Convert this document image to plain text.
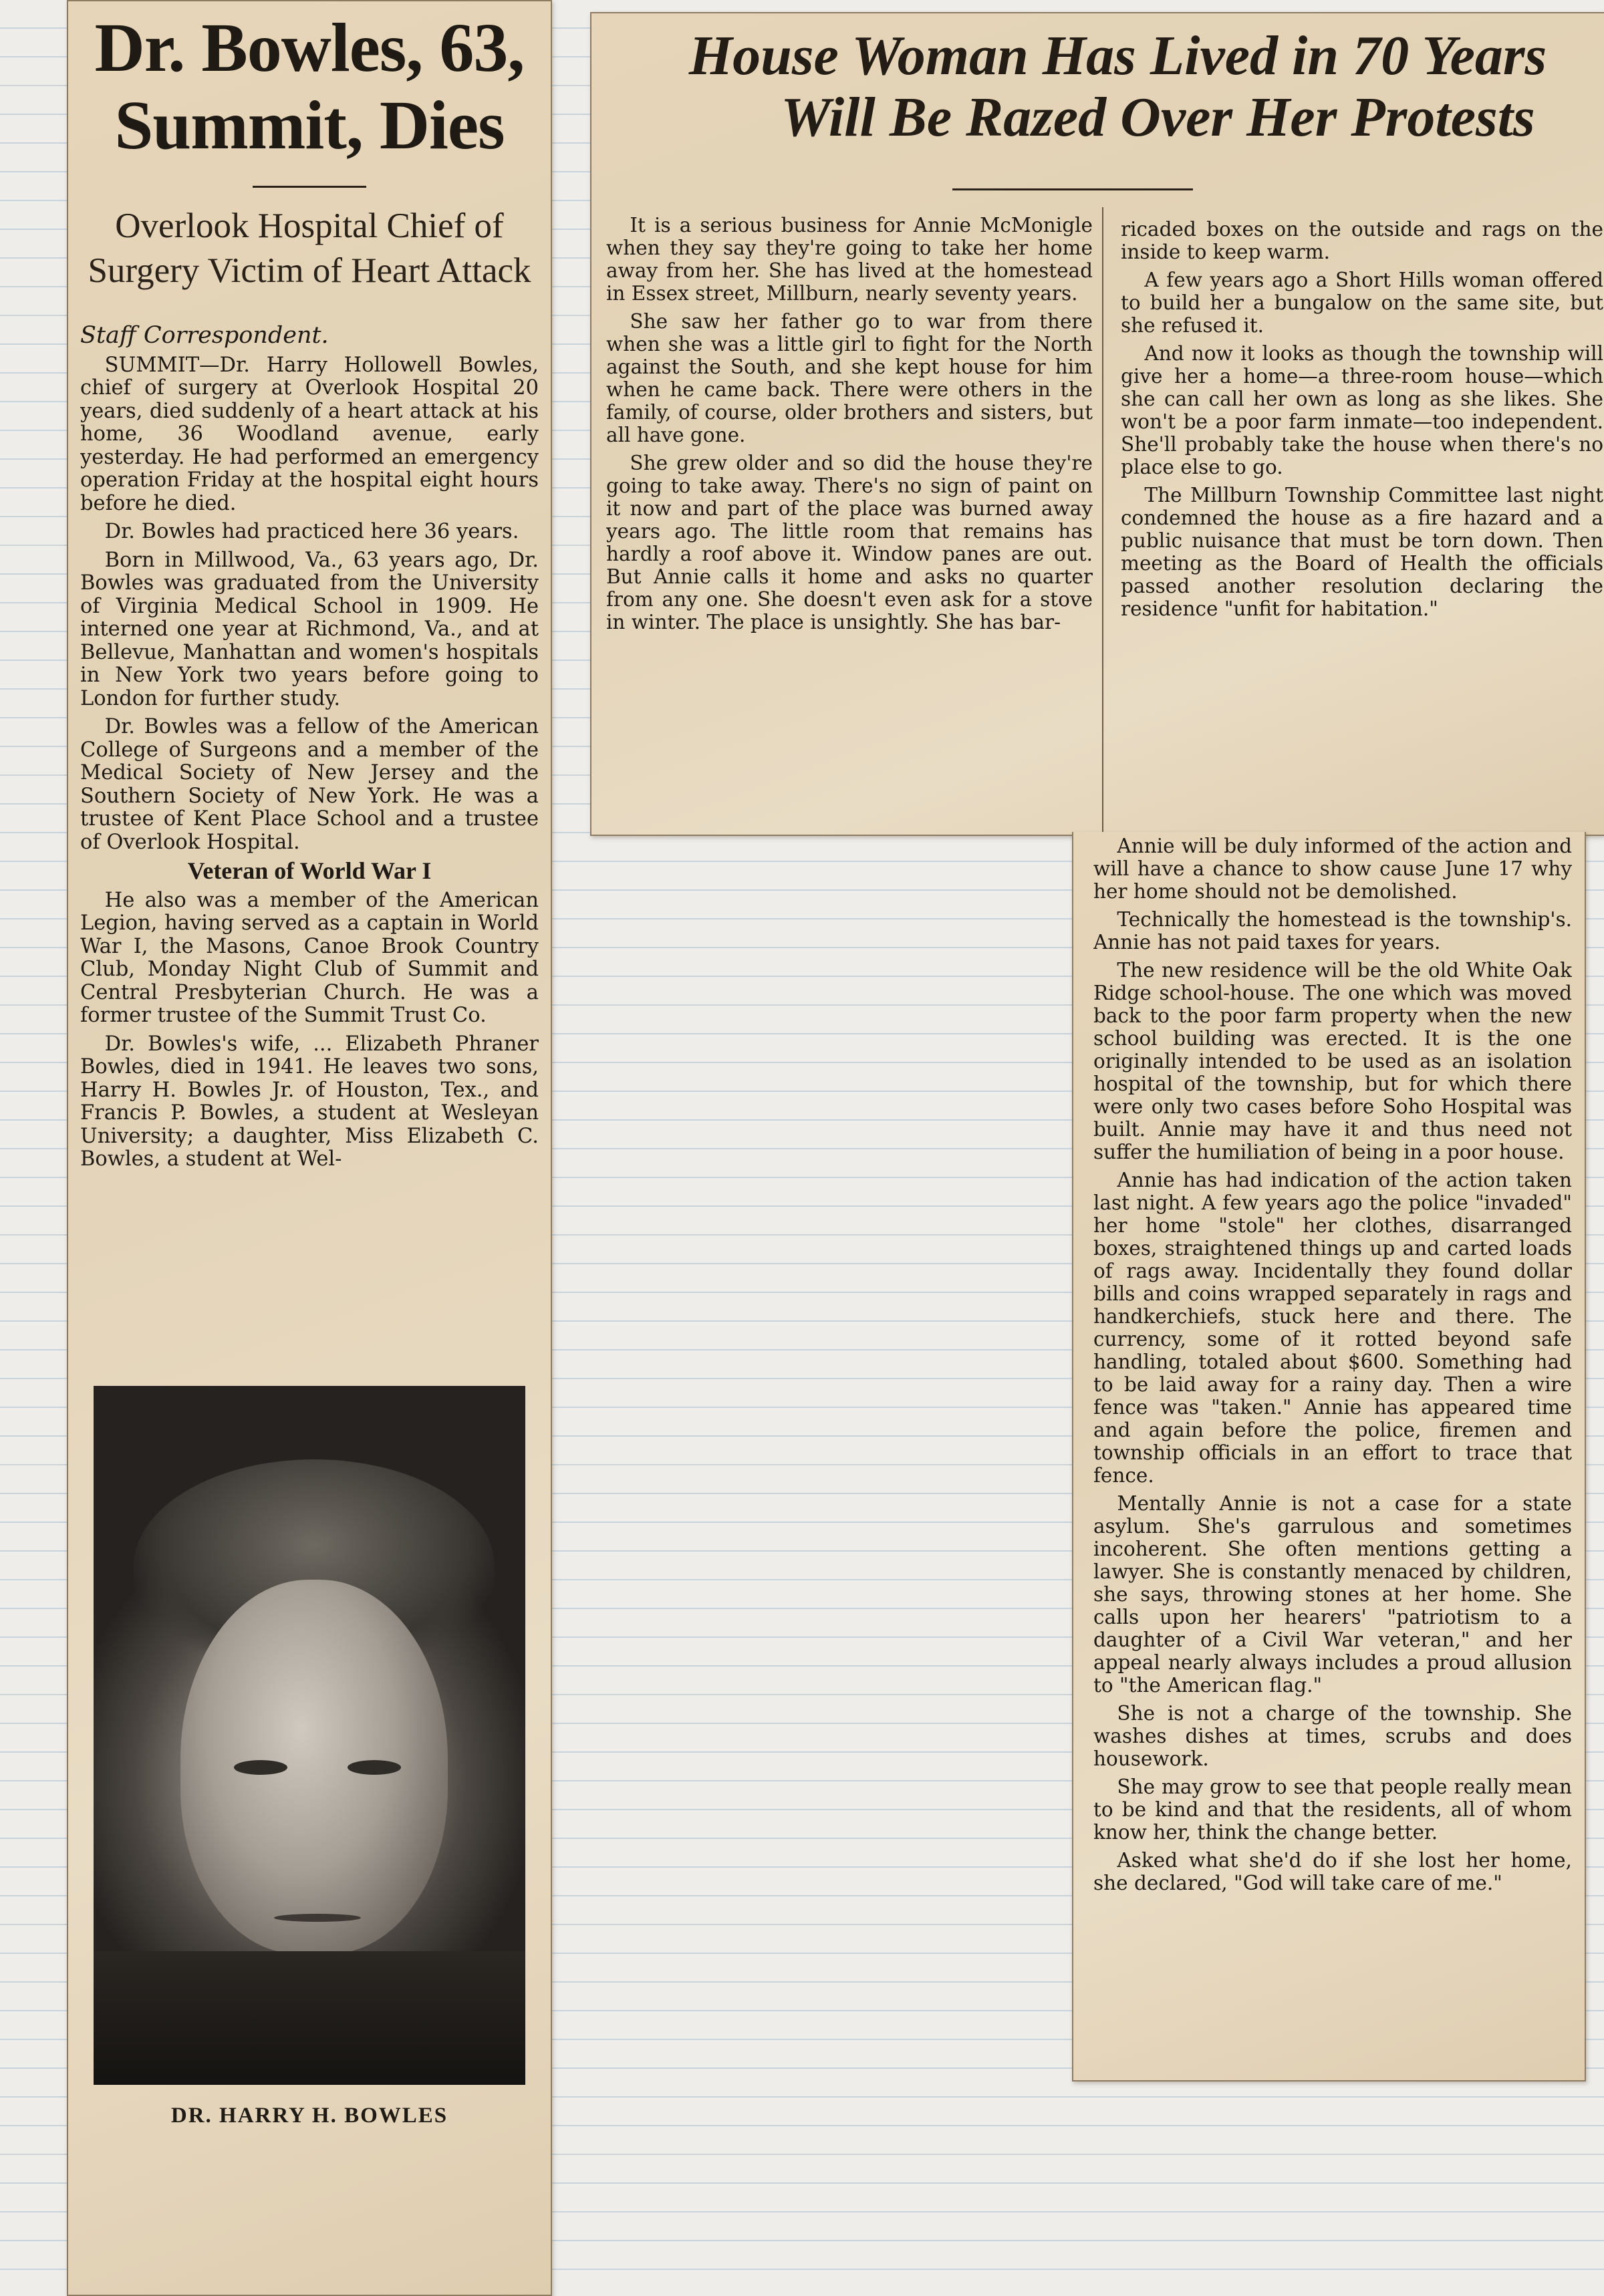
Dr. Bowles, 63,
Summit, Dies
Overlook Hospital Chief of Surgery Victim of Heart Attack
Staff Correspondent.

SUMMIT—Dr. Harry Hollowell Bowles, chief of surgery at Overlook Hospital 20 years, died suddenly of a heart attack at his home, 36 Woodland avenue, early yesterday. He had performed an emergency operation Friday at the hospital eight hours before he died.

Dr. Bowles had practiced here 36 years.

Born in Millwood, Va., 63 years ago, Dr. Bowles was graduated from the University of Virginia Medical School in 1909. He interned one year at Richmond, Va., and at Bellevue, Manhattan and women's hospitals in New York two years before going to London for further study.

Dr. Bowles was a fellow of the American College of Surgeons and a member of the Medical Society of New Jersey and the Southern Society of New York. He was a trustee of Kent Place School and a trustee of Overlook Hospital.

Veteran of World War I

He also was a member of the American Legion, having served as a captain in World War I, the Masons, Canoe Brook Country Club, Monday Night Club of Summit and Central Presbyterian Church. He was a former trustee of the Summit Trust Co.

Dr. Bowles's wife, ... Elizabeth Phraner Bowles, died in 1941. He leaves two sons, Harry H. Bowles Jr. of Houston, Tex., and Francis P. Bowles, a student at Wesleyan University; a daughter, Miss Elizabeth C. Bowles, a student at Wel-

DR. HARRY H. BOWLES
House Woman Has Lived in 70 Years
Will Be Razed Over Her Protests

It is a serious business for Annie McMonigle when they say they're going to take her home away from her. She has lived at the homestead in Essex street, Millburn, nearly seventy years.

She saw her father go to war from there when she was a little girl to fight for the North against the South, and she kept house for him when he came back. There were others in the family, of course, older brothers and sisters, but all have gone.

She grew older and so did the house they're going to take away. There's no sign of paint on it now and part of the place was burned away years ago. The little room that remains has hardly a roof above it. Window panes are out. But Annie calls it home and asks no quarter from any one. She doesn't even ask for a stove in winter. The place is unsightly. She has bar-

ricaded boxes on the outside and rags on the inside to keep warm.

A few years ago a Short Hills woman offered to build her a bungalow on the same site, but she refused it.

And now it looks as though the township will give her a home—a three-room house—which she can call her own as long as she likes. She won't be a poor farm inmate—too independent. She'll probably take the house when there's no place else to go.

The Millburn Township Committee last night condemned the house as a fire hazard and a public nuisance that must be torn down. Then meeting as the Board of Health the officials passed another resolution declaring the residence "unfit for habitation."

Annie will be duly informed of the action and will have a chance to show cause June 17 why her home should not be demolished.

Technically the homestead is the township's. Annie has not paid taxes for years.

The new residence will be the old White Oak Ridge school-house. The one which was moved back to the poor farm property when the new school building was erected. It is the one originally intended to be used as an isolation hospital of the township, but for which there were only two cases before Soho Hospital was built. Annie may have it and thus need not suffer the humiliation of being in a poor house.

Annie has had indication of the action taken last night. A few years ago the police "invaded" her home "stole" her clothes, disarranged boxes, straightened things up and carted loads of rags away. Incidentally they found dollar bills and coins wrapped separately in rags and handkerchiefs, stuck here and there. The currency, some of it rotted beyond safe handling, totaled about $600. Something had to be laid away for a rainy day. Then a wire fence was "taken." Annie has appeared time and again before the police, firemen and township officials in an effort to trace that fence.

Mentally Annie is not a case for a state asylum. She's garrulous and sometimes incoherent. She often mentions getting a lawyer. She is constantly menaced by children, she says, throwing stones at her home. She calls upon her hearers' "patriotism to a daughter of a Civil War veteran," and her appeal nearly always includes a proud allusion to "the American flag."

She is not a charge of the township. She washes dishes at times, scrubs and does housework.

She may grow to see that people really mean to be kind and that the residents, all of whom know her, think the change better.

Asked what she'd do if she lost her home, she declared, "God will take care of me."
